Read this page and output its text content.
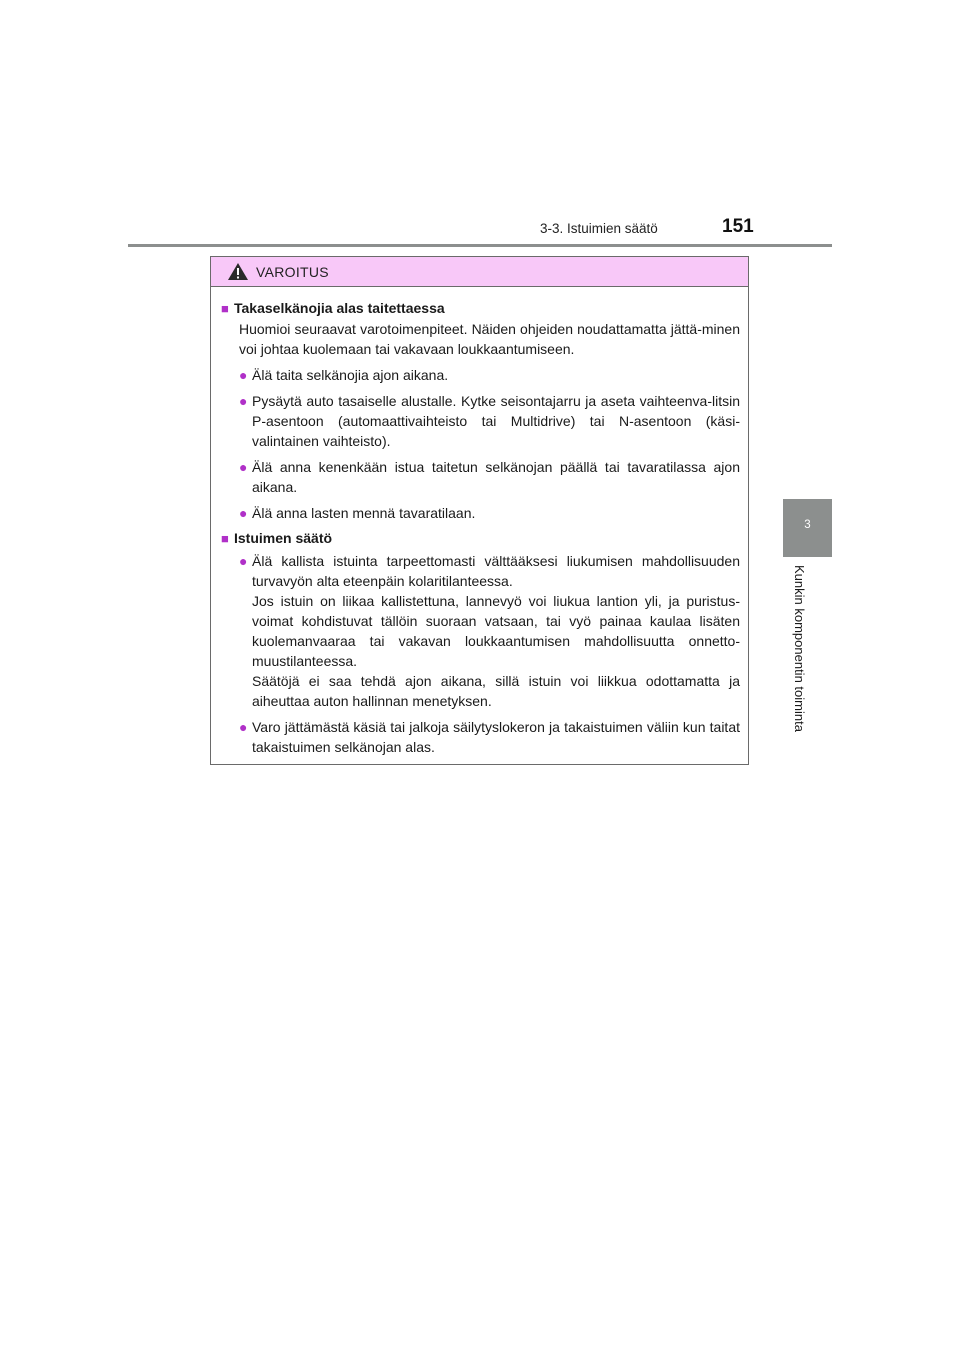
3-3. Istuimien säätö	151
3
Kunkin komponentin toiminta
VAROITUS
■ Takaselkänojia alas taitettaessa
Huomioi seuraavat varotoimenpiteet. Näiden ohjeiden noudattamatta jättä-minen voi johtaa kuolemaan tai vakavaan loukkaantumiseen.
● Älä taita selkänojia ajon aikana.
● Pysäytä auto tasaiselle alustalle. Kytke seisontajarru ja aseta vaihteenva-litsin P-asentoon (automaattivaihteisto tai Multidrive) tai N-asentoon (käsi-valintainen vaihteisto).
● Älä anna kenenkään istua taitetun selkänojan päällä tai tavaratilassa ajon aikana.
● Älä anna lasten mennä tavaratilaan.
■ Istuimen säätö
● Älä kallista istuinta tarpeettomasti välttääksesi liukumisen mahdollisuuden turvavyön alta eteenpäin kolaritilanteessa.
Jos istuin on liikaa kallistettuna, lannevyö voi liukua lantion yli, ja puristus-voimat kohdistuvat tällöin suoraan vatsaan, tai vyö painaa kaulaa lisäten kuolemanvaaraa tai vakavan loukkaantumisen mahdollisuutta onnetto-muustilanteessa.
Säätöjä ei saa tehdä ajon aikana, sillä istuin voi liikkua odottamatta ja aiheuttaa auton hallinnan menetyksen.
● Varo jättämästä käsiä tai jalkoja säilytyslokeron ja takaistuimen väliin kun taitat takaistuimen selkänojan alas.
